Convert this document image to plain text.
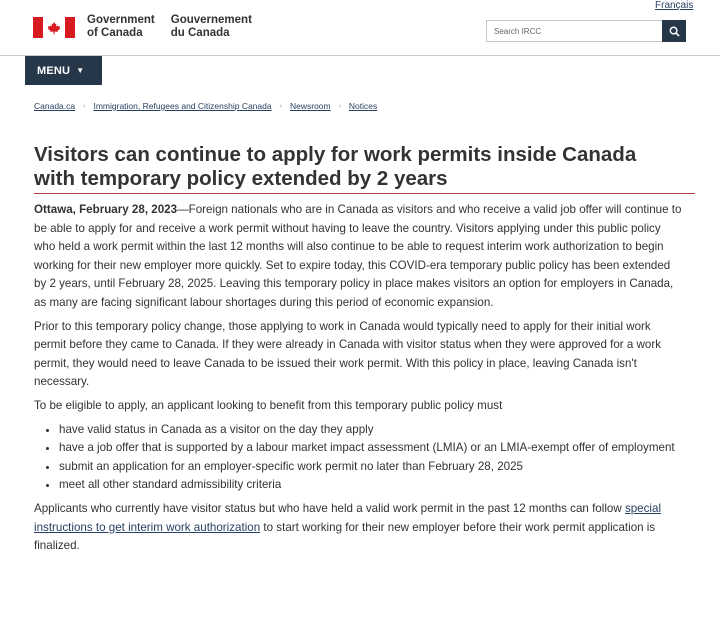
Français
Government
of Canada
Gouvernement
du Canada	Search IRCC
MENU ▼
Canada.ca › Immigration, Refugees and Citizenship Canada › Newsroom › Notices
Visitors can continue to apply for work permits inside Canada with temporary policy extended by 2 years

Ottawa, February 28, 2023—Foreign nationals who are in Canada as visitors and who receive a valid job offer will continue to be able to apply for and receive a work permit without having to leave the country. Visitors applying under this public policy who held a work permit within the last 12 months will also continue to be able to request interim work authorization to begin working for their new employer more quickly. Set to expire today, this COVID-era temporary public policy has been extended by 2 years, until February 28, 2025. Leaving this temporary policy in place makes visitors an option for employers in Canada, as many are facing significant labour shortages during this period of economic expansion.

Prior to this temporary policy change, those applying to work in Canada would typically need to apply for their initial work permit before they came to Canada. If they were already in Canada with visitor status when they were approved for a work permit, they would need to leave Canada to be issued their work permit. With this policy in place, leaving Canada isn't necessary.

To be eligible to apply, an applicant looking to benefit from this temporary public policy must

• have valid status in Canada as a visitor on the day they apply
• have a job offer that is supported by a labour market impact assessment (LMIA) or an LMIA-exempt offer of employment
• submit an application for an employer-specific work permit no later than February 28, 2025
• meet all other standard admissibility criteria

Applicants who currently have visitor status but who have held a valid work permit in the past 12 months can follow special instructions to get interim work authorization to start working for their new employer before their work permit application is finalized.
